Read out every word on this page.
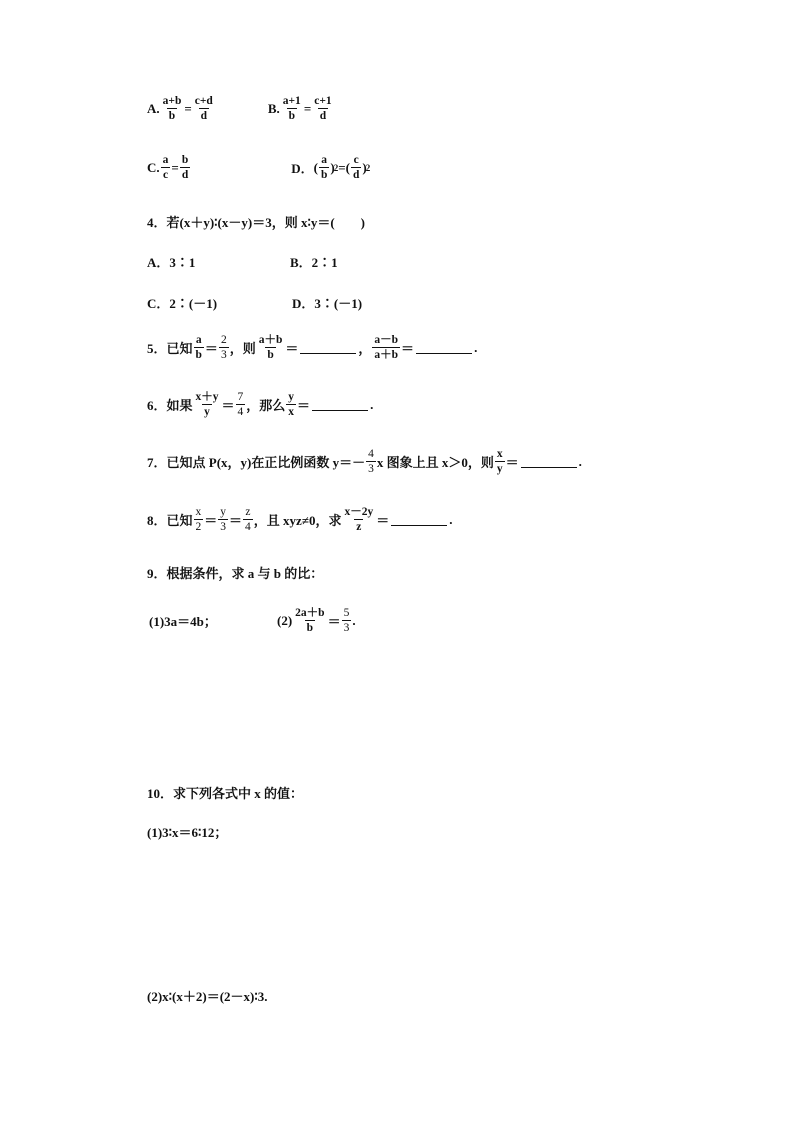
A. $\frac{a+b}{b} = \frac{c+d}{d}$	B. $\frac{a+1}{b} = \frac{c+1}{d}$
C. $\frac{a}{c} = \frac{b}{d}$	D． ( a
b
) 2 = ( c
d
) 2
4．若(x＋y)∶(x－y)＝3，则 x∶y＝(　　)
A．3∶1	B．2∶1
C．2∶(－1)	D．3∶(－1)
5．已知
a
b ＝
2
3 ，则
a＋b
b ＝	，
a－b
a＋b ＝	.
6．如果
x＋y
y ＝
7
4 ，那么
y
x ＝	.
7．已知点 P(x，y)在正比例函数 y＝－
4
3 x 图象上且 x＞0，则
x
y ＝	.
8．已知
x
2 ＝
y
3 ＝
z
4 ，且 xyz≠0，求
x－2y
z ＝	.
9．根据条件，求 a 与 b 的比：
(1)3a＝4b；	(2) 2a＋b
b ＝
5
3
.
10．求下列各式中 x 的值：
(1)3∶x＝6∶12；
(2)x∶(x＋2)＝(2－x)∶3.
